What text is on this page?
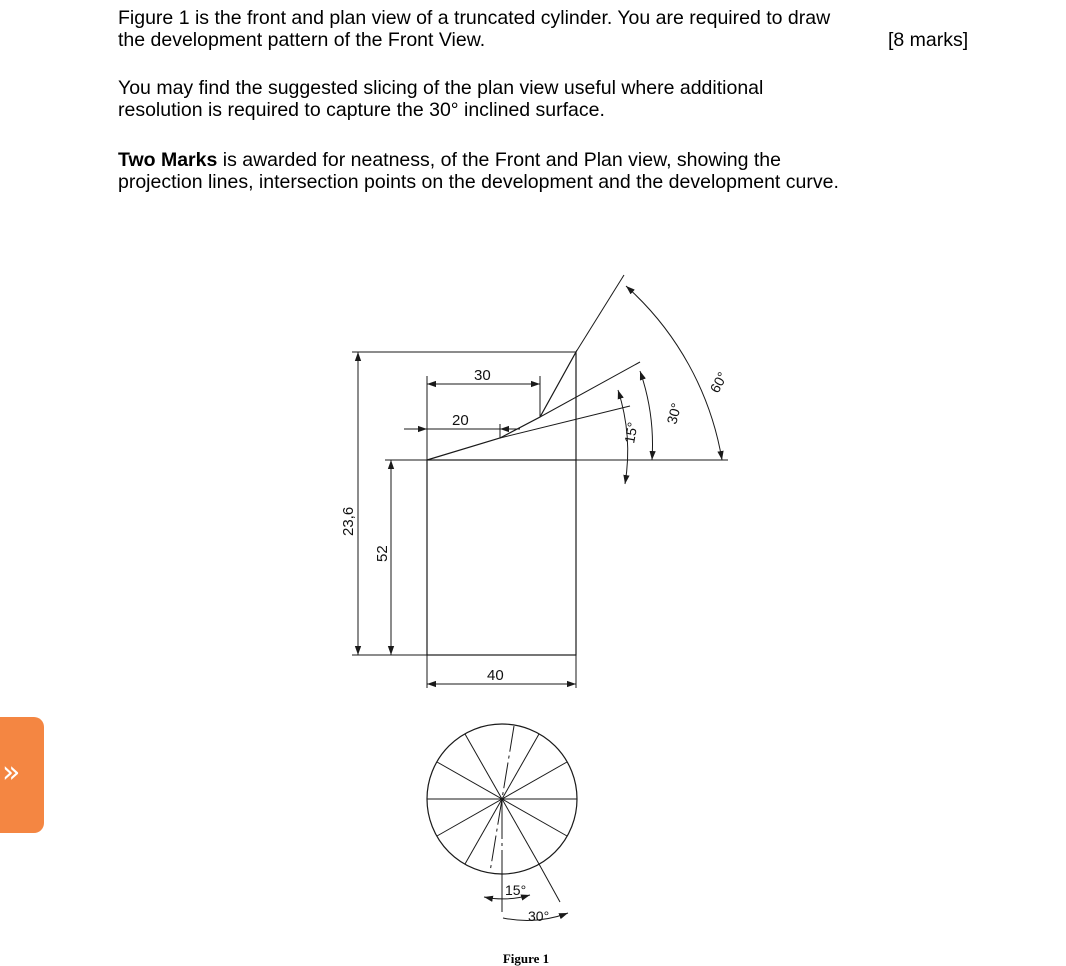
Figure 1 is the front and plan view of a truncated cylinder. You are required to draw
the development pattern of the Front View.	[8 marks]

You may find the suggested slicing of the plan view useful where additional
resolution is required to capture the 30° inclined surface.

Two Marks is awarded for neatness, of the Front and Plan view, showing the
projection lines, intersection points on the development and the development curve.

30
20
23,6
52
40
15°
30°
60°
15°
30°
Figure 1
»
